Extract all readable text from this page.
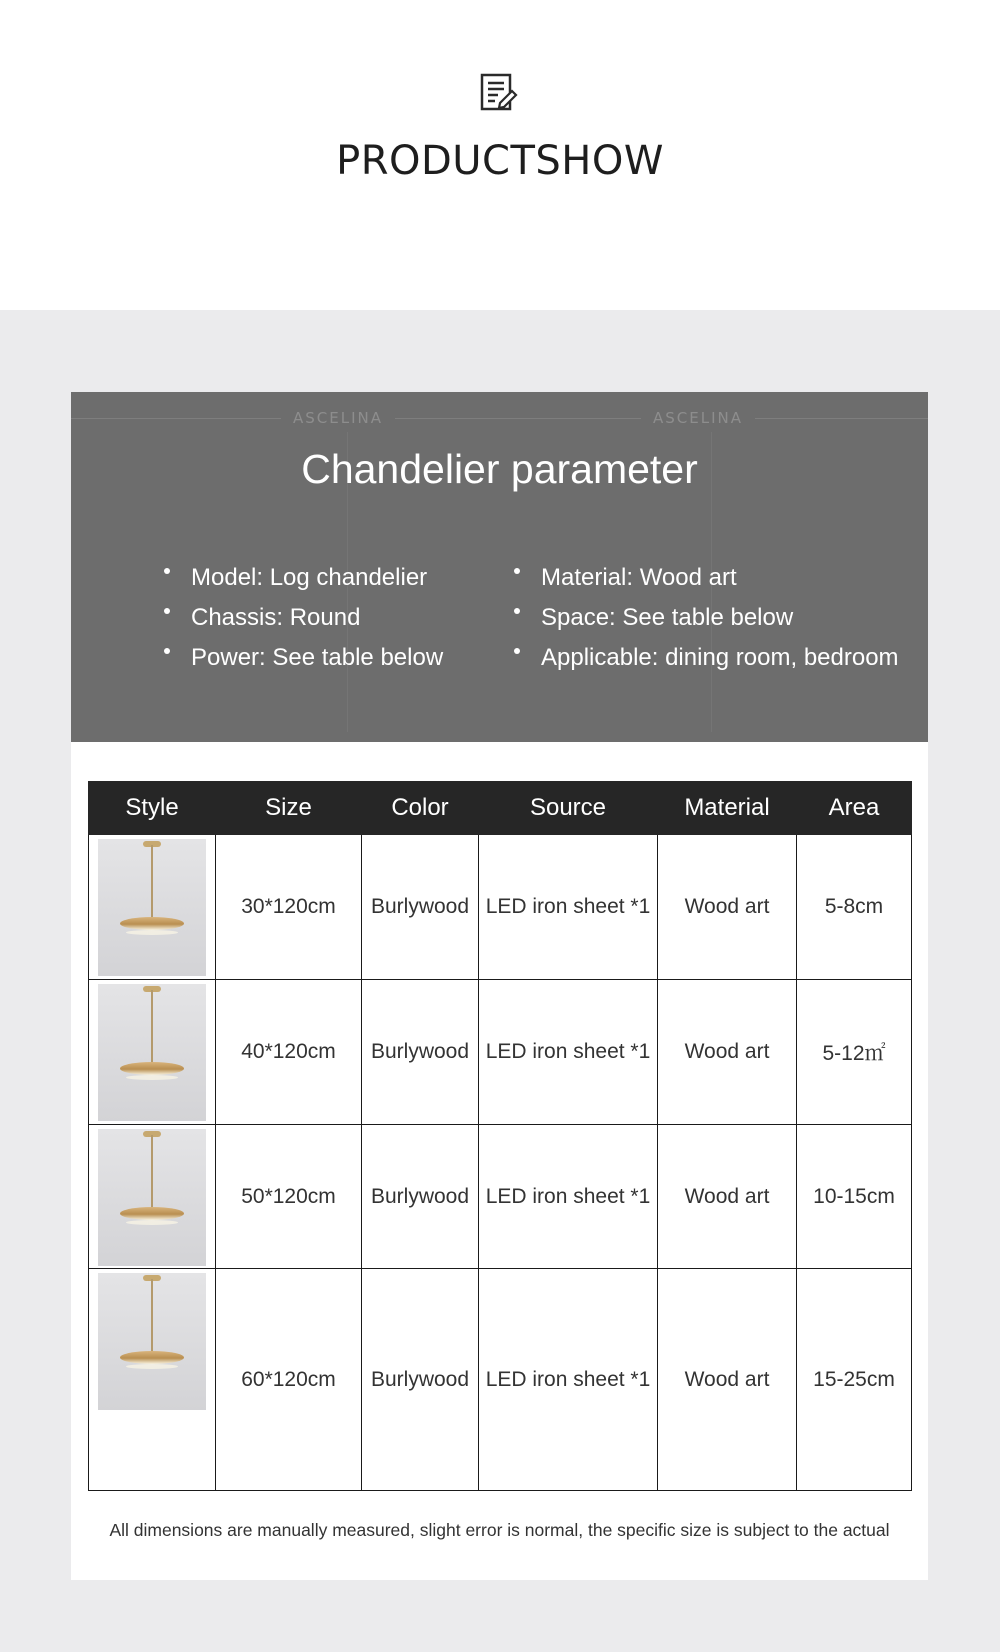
PRODUCTSHOW
ASCELINA	ASCELINA
Chandelier parameter
Model: Log chandelier
Chassis: Round
Power: See table below
Material: Wood art
Space: See table below
Applicable: dining room, bedroom
Style	Size	Color	Source	Material	Area

	30*120cm	Burlywood	LED iron sheet *1	Wood art	5-8cm

	40*120cm	Burlywood	LED iron sheet *1	Wood art	5-12㎡

	50*120cm	Burlywood	LED iron sheet *1	Wood art	10-15cm

	60*120cm	Burlywood	LED iron sheet *1	Wood art	15-25cm
All dimensions are manually measured, slight error is normal, the specific size is subject to the actual
